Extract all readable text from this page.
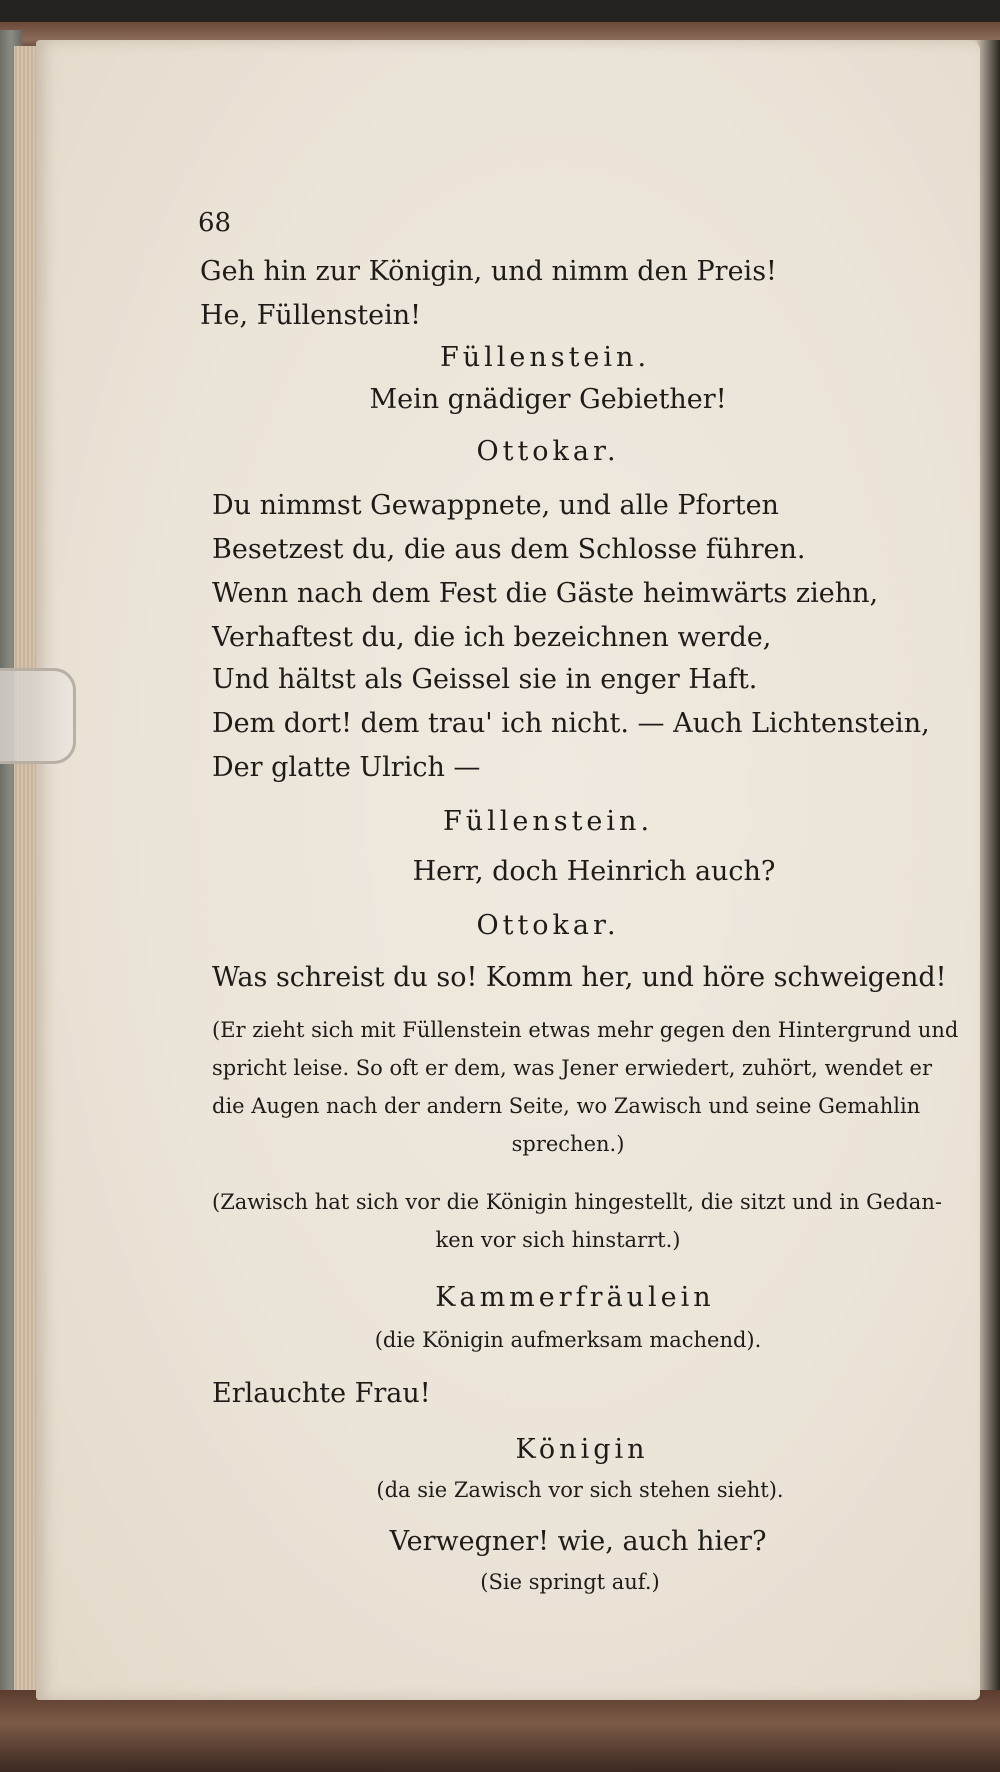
68
Geh hin zur Königin, und nimm den Preis!
He, Füllenstein!
Füllenstein.
Mein gnädiger Gebiether!
Ottokar.
Du nimmst Gewappnete, und alle Pforten
Besetzest du, die aus dem Schlosse führen.
Wenn nach dem Fest die Gäste heimwärts ziehn,
Verhaftest du, die ich bezeichnen werde,
Und hältst als Geissel sie in enger Haft.
Dem dort! dem trau' ich nicht. — Auch Lichtenstein,
Der glatte Ulrich —
Füllenstein.
Herr, doch Heinrich auch?
Ottokar.
Was schreist du so! Komm her, und höre schweigend!
(Er zieht sich mit Füllenstein etwas mehr gegen den Hintergrund und
spricht leise. So oft er dem, was Jener erwiedert, zuhört, wendet er
die Augen nach der andern Seite, wo Zawisch und seine Gemahlin
sprechen.)
(Zawisch hat sich vor die Königin hingestellt, die sitzt und in Gedan-
ken vor sich hinstarrt.)
Kammerfräulein
(die Königin aufmerksam machend).
Erlauchte Frau!
Königin
(da sie Zawisch vor sich stehen sieht).
Verwegner! wie, auch hier?
(Sie springt auf.)
